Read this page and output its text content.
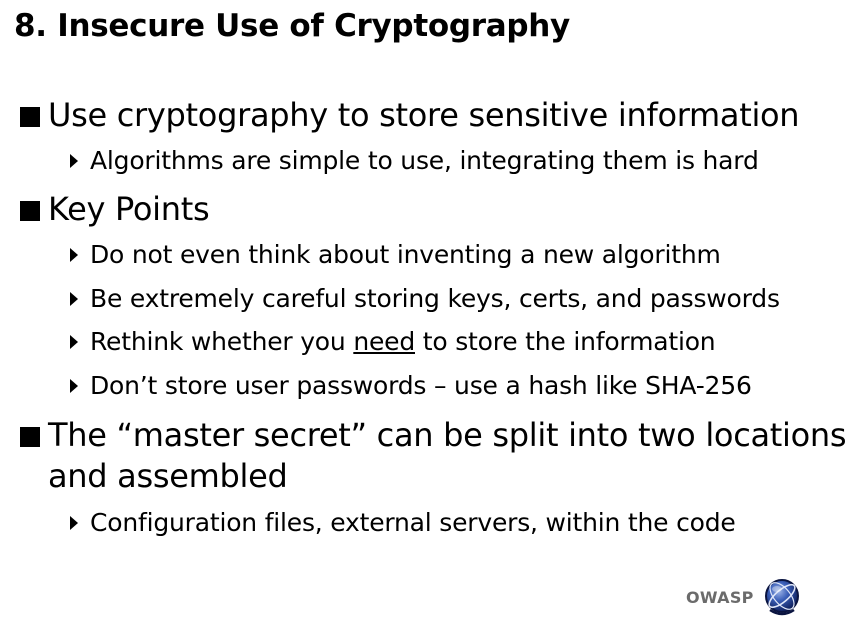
8. Insecure Use of Cryptography
Use cryptography to store sensitive information
Algorithms are simple to use, integrating them is hard
Key Points
Do not even think about inventing a new algorithm
Be extremely careful storing keys, certs, and passwords
Rethink whether you need to store the information
Don’t store user passwords – use a hash like SHA-256
The “master secret” can be split into two locations
and assembled
Configuration files, external servers, within the code
OWASP
